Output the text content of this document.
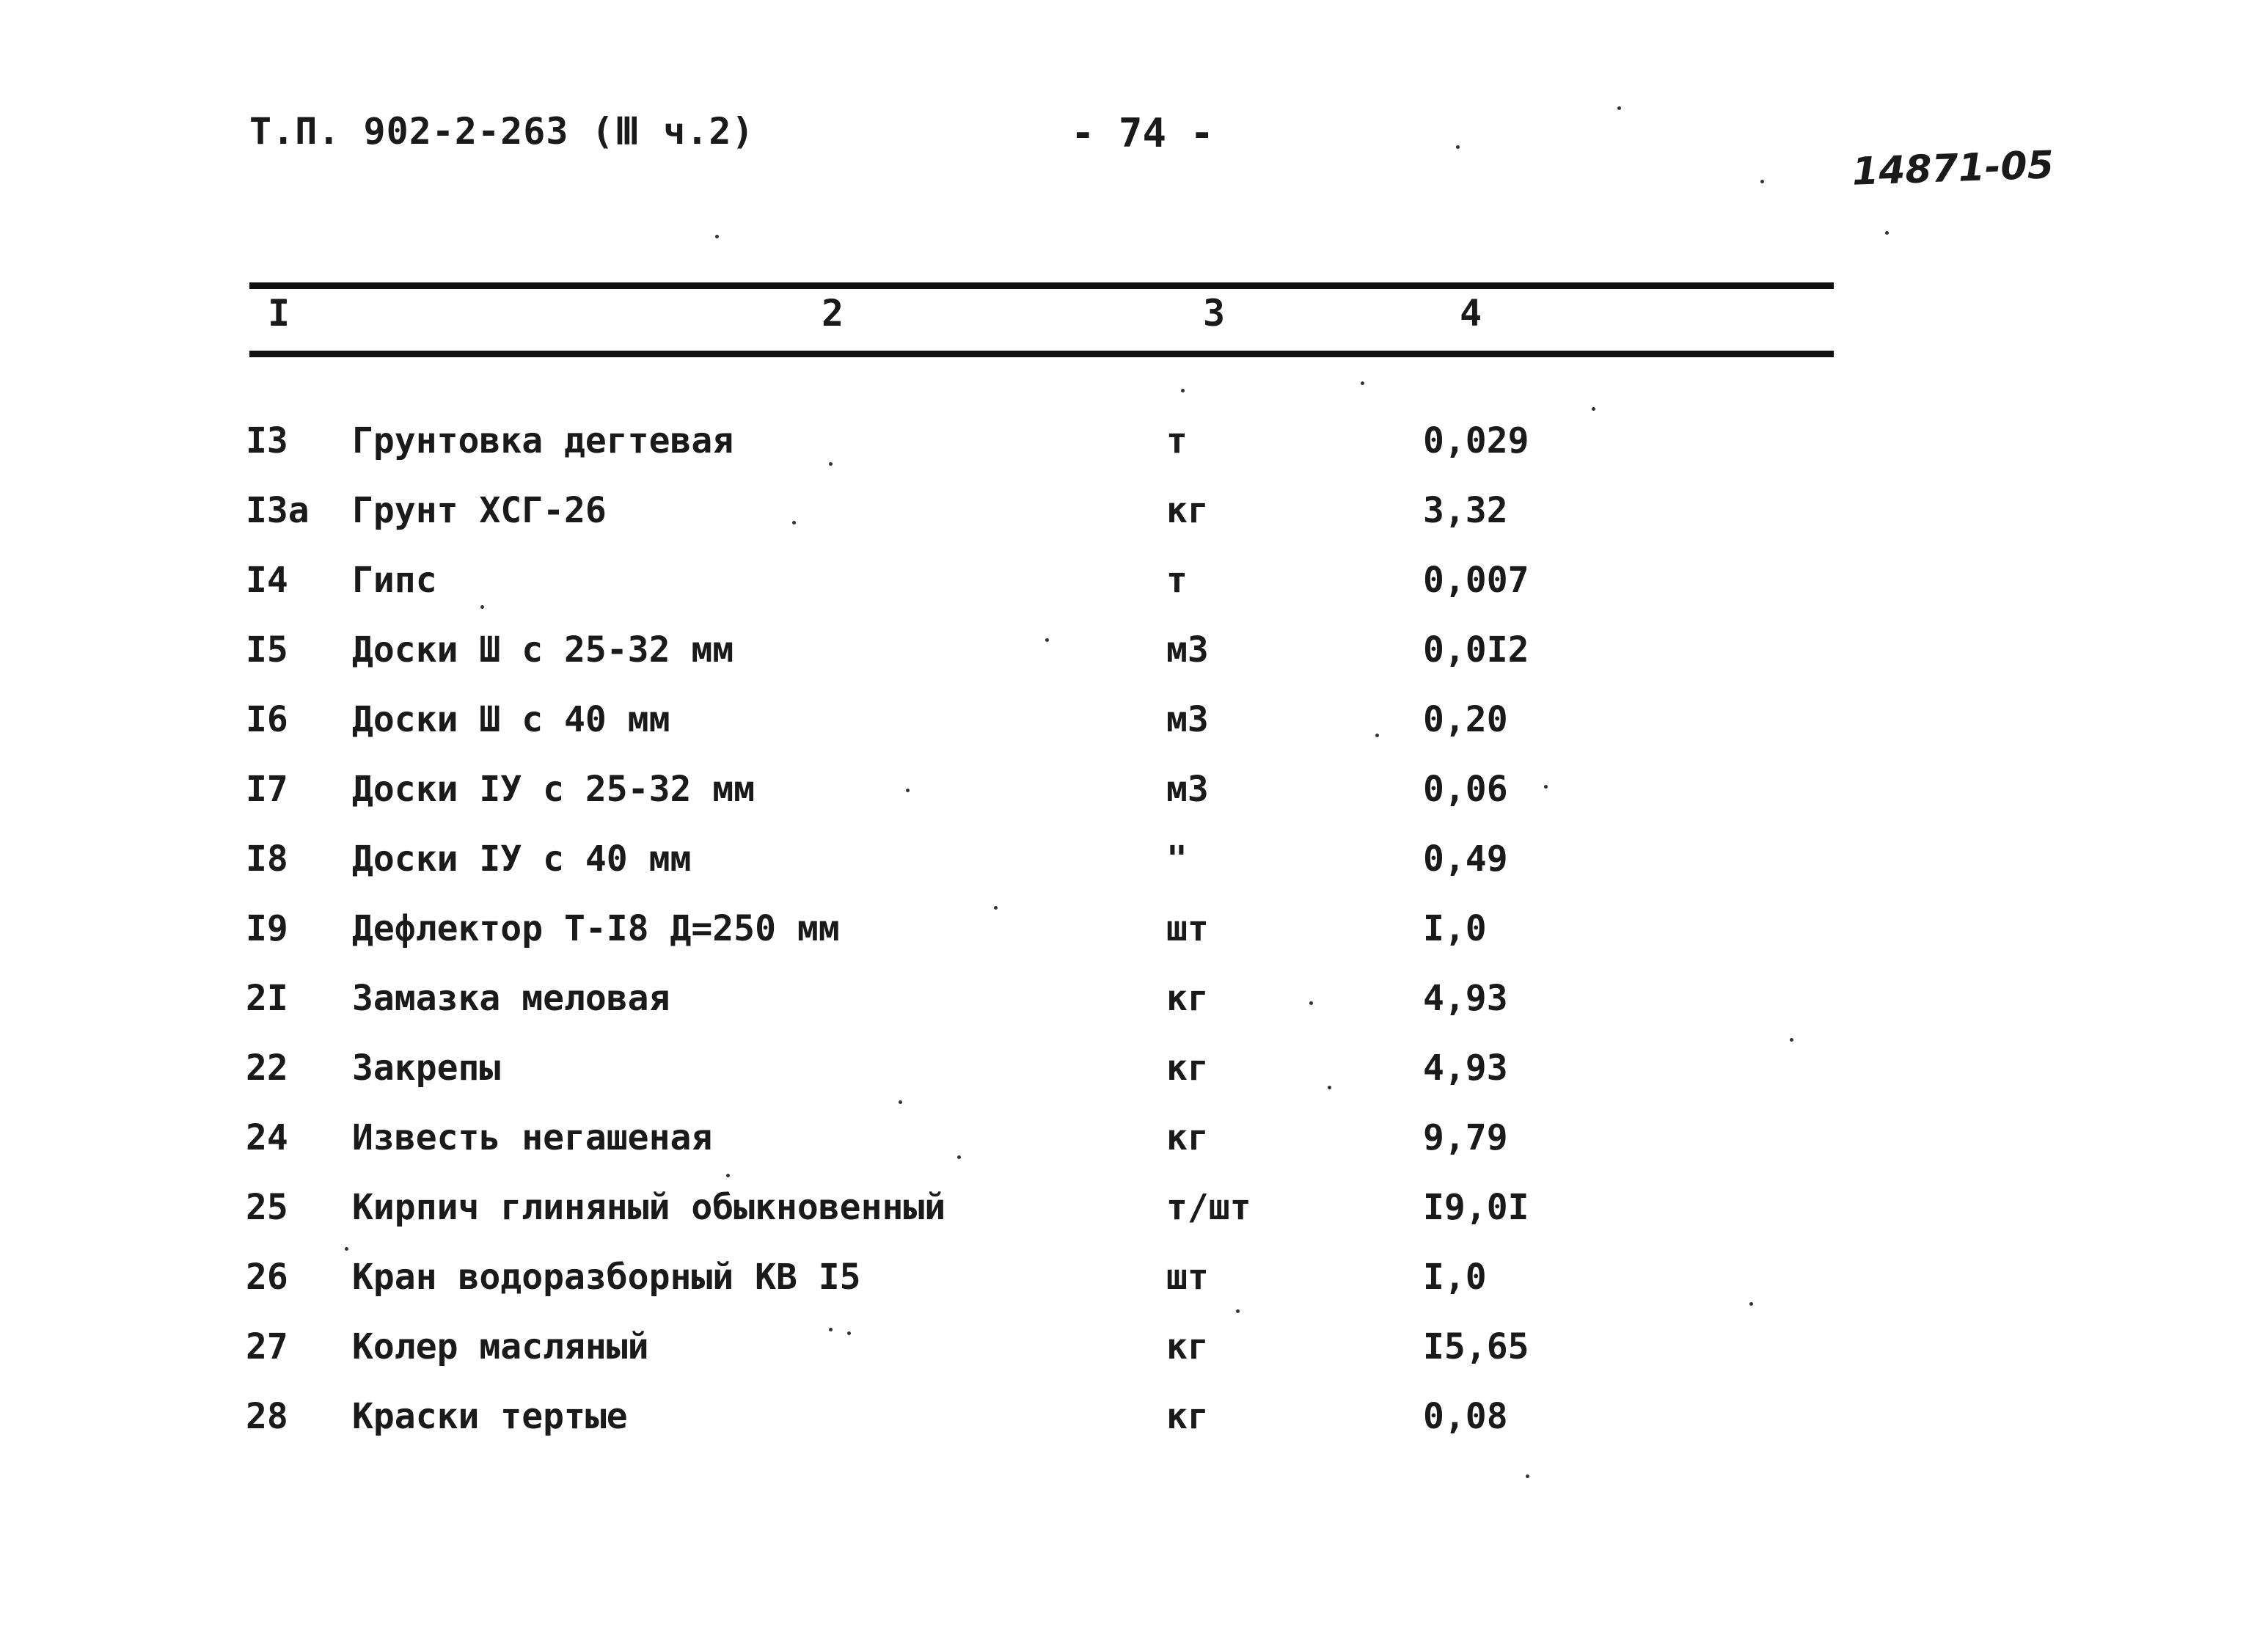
Т.П. 902-2-263 (Ⅲ ч.2)	- 74 -
14871-05
I	2	3	4
I3 Грунтовка дегтевая	т	0,029
I3а Грунт ХСГ-26	кг	3,32
I4 Гипс	т	0,007
I5 Доски Ш с 25-32 мм	м3	0,0I2
I6 Доски Ш с 40 мм	м3	0,20
I7 Доски IУ с 25-32 мм	м3	0,06
I8 Доски IУ с 40 мм	"	0,49
I9 Дефлектор Т-I8 Д=250 мм	шт	I,0
2I Замазка меловая	кг	4,93
22 Закрепы	кг	4,93
24 Известь негашеная	кг	9,79
25 Кирпич глиняный обыкновенный	т/шт	I9,0I
26 Кран водоразборный КВ I5	шт	I,0
27 Колер масляный	кг	I5,65
28 Краски тертые	кг	0,08
